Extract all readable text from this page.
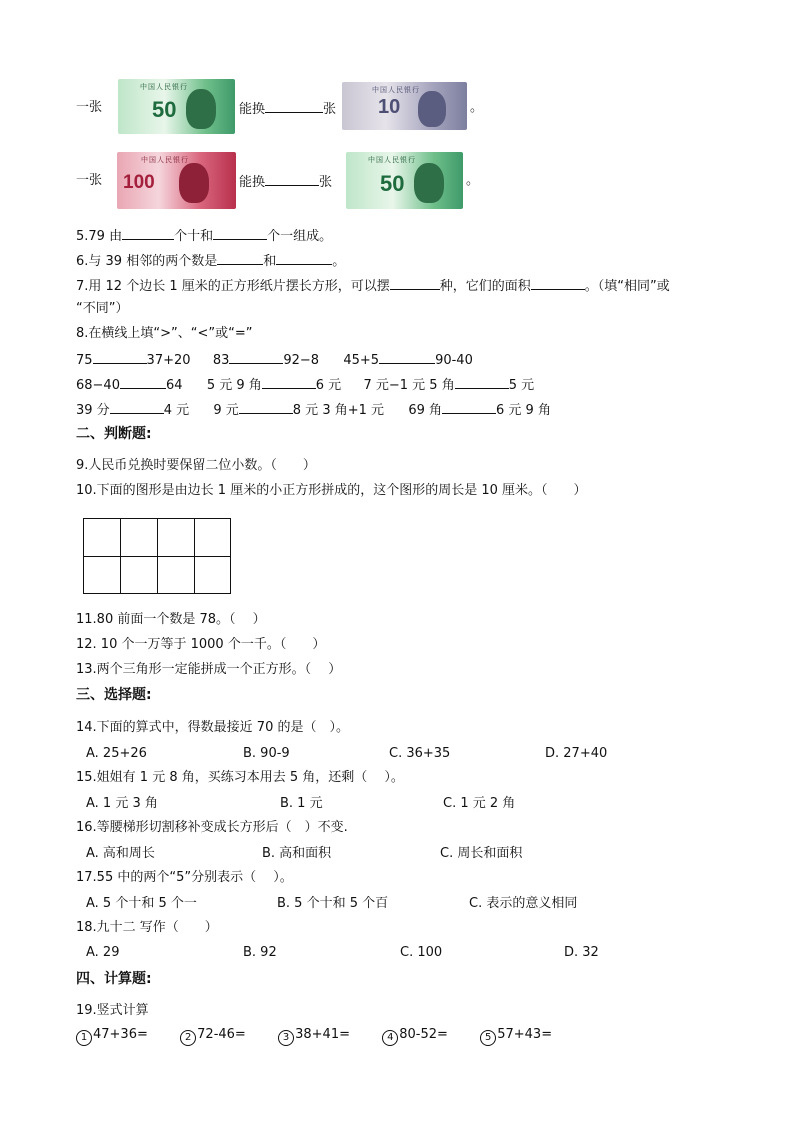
一张
中国人民银行
50	能换	张
中国人民银行
10	。
一张
中国人民银行
100	能换	张
中国人民银行
50	。
5.79 由	个十和	个一组成。
6.与 39 相邻的两个数是	和	。
7.用 12 个边长 1 厘米的正方形纸片摆长方形，可以摆	种，它们的面积	。（填“相同”或
“不同”）
8.在横线上填“>”、“<”或“=”
75	37+20 83	92−8 45+5	90-40
68−40	64 5 元 9 角	6 元 7 元−1 元 5 角	5 元
39 分	4 元 9 元	8 元 3 角+1 元 69 角	6 元 9 角
二、判断题:
9.人民币兑换时要保留二位小数。（　　）
10.下面的图形是由边长 1 厘米的小正方形拼成的，这个图形的周长是 10 厘米。（　　）
11.80 前面一个数是 78。（　 ）
12. 10 个一万等于 1000 个一千。（　　）
13.两个三角形一定能拼成一个正方形。（　 ）
三、选择题:
14.下面的算式中，得数最接近 70 的是（　）。
A. 25+26	B. 90-9	C. 36+35	D. 27+40
15.姐姐有 1 元 8 角，买练习本用去 5 角，还剩（　 ）。
A. 1 元 3 角	B. 1 元	C. 1 元 2 角
16.等腰梯形切割移补变成长方形后（　）不变.
A. 高和周长	B. 高和面积	C. 周长和面积
17.55 中的两个“5”分别表示（　 ）。
A. 5 个十和 5 个一	B. 5 个十和 5 个百	C. 表示的意义相同
18.九十二 写作（　　）
A. 29	B. 92	C. 100	D. 32
四、计算题:
19.竖式计算
1 47+36=	2 72-46=	3 38+41=	4 80-52=	5 57+43=
